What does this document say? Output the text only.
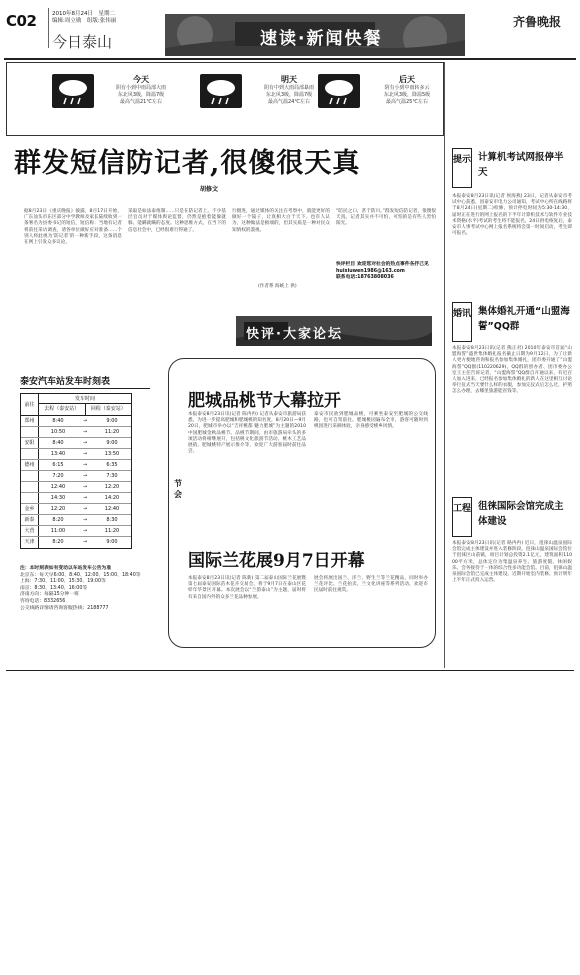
C02	2010年8月24日　星期二
编辑:周立勋　组版:张伟丽
今日泰山	速读·新闻快餐
齐鲁晚报
今天
阴有小到中雨局部大雨
东北风3级，降温7级
最高气温21℃左右
明天
阴有中到大雨局部暴雨
东北风3级，降温7级
最高气温24℃左右
后天
阴有小到中雨转多云
东北风3级，降温5级
最高气温25℃左右
群发短信防记者,很傻很天真
胡修文
据8月23日《重庆晚报》披露，8月17日开始，广东汕头市东区部分中学教师及家长陆续收到一条署名为县委书记的短信，短信称：当地有记者将前往采访调查，请各单位做好应对准备……个别人将此视为‘防记者’的一种新手段。这条消息在网上引发众多议论。
采取是如法泰炮制……只是在防记者上。不少基层官员对于媒体舆论监督，仍然是抱着能躲就躲、能瞒就瞒的态度。这种思维方式，在当下的信息社会中，已经很难行得通了。
行摄进，通过媒体的关注在考察中，就能更好的做好一个镜子，让真相大白于天下。也有人认为，这种做法是极端的，但其实质是一种对民众知情权的漠视。
“防民之口，甚于防川。”群发短信防记者，很傻很天真。记者其实并不可怕，可怕的是有些人害怕阳光。
快评栏目 欢迎您对社会的热点事件各抒己见
huixiuwen1986@163.com
联系电话:18763808036
(作者系 海峡上 供)
快评·大家论坛
泰安汽车站发车时刻表
前往
发车时间
去程（泰安站）	回程（泰安站）
郑州	8:40	→	9:00
10:50	→	11:20
安阳	8:40	→	9:00
13:40	→	13:50
德州	6:15	→	6:35
7:20	→	7:30
12:40	→	12:20
14:30	→	14:20
金乡	12:20	→	12:40
新泰	8:20	→	8:30
大营	11:00	→	11:20
天津	8:20	→	9:00
注：本时刻表如有变动以车站发车公告为准
北京东：每天早6:00、8:40、12:00、15:00、18:40等
上海：7:30、11:00、15:30、19:00等
南京：8:30、13:40、16:00等
济南方向：每隔15分钟一班
咨询电话：8332656
公交线路详情请咨询客服热线：2188777
节会
肥城品桃节大幕拉开
本报泰安8月23日讯(记者 陈冉冉) 记者从泰安市旅游局获悉，为进一步提高肥城和肥城桃的知名度，8月20日—9月20日，肥城市举办以“吉祥桃都 魅力肥城”为主题的2010中国肥城金秋品桃节。品桃节期间，由市旅游局牵头的多项活动将相继展开，包括桃文化旅游节活动、桃木工艺品展销、肥城桃特产展示推介等，欢迎广大游客届时前往品尝。
泰安市民欲到肥城品桃，可乘坐泰安至肥城的公交线路，也可自驾前往。肥城桃园遍布全市，游客可随时到桃园进行采摘体验，亲身感受桃乡风情。
国际兰花展9月7日开幕
本报泰安8月23日讯(记者 陈新) 第二届泰山国际兰花展暨第七届泰安国际苗木花卉交易会，将于9月7日在泰山区花样年华景区开幕。本次展会以“兰韵泰山”为主题，届时将有来自国内外的众多兰花品种参展。
展会将展出国兰、洋兰、野生兰等兰花精品，同时举办兰花评比、兰花拍卖、兰文化讲座等系列活动，欢迎市民届时前往观赏。
提示 计算机考试网报停半天
本报泰安8月23日讯(记者 侯海燕) 23日，记者从泰安市考试中心获悉，因泰安市电力公司通知，考试中心所在线路将于8月24日(星期二)检修，预计停电时间为5:30-14:30，届时正在进行的网上报名的下半年计算机技术与软件专业技术资格(水平)考试的考生将不能报名，24日供电恢复后，泰安市人事考试中心网上报名系统将会第一时间启动，考生即可报名。
婚讯 集体婚礼开通“山盟海誓”QQ群
本报泰安8月23日讯(记者 熊正君) 2010年泰安市首届“山盟海誓”盛世集体婚礼报名截止日期为9月12日，为了让新人更方便地咨询和报名参加集体婚礼，团市委开通了“山盟海誓”QQ群(110220629)。QQ群的创办者、团市委办公室王主任告诉记者，“山盟海誓”QQ群自开通以来，有近百人加入进来，已经报名参加集体婚礼的新人在这里相互讨论举行仪式当天要什么样的衣服，参加完仪式后怎么过，护照怎么办理，去哪里旅游能省钱等。
工程 徂徕国际会馆完成主体建设
本报泰安8月23日讯(记者 路冉冉) 近日，徂徕山温泉国际会馆完成主体建设并进入装修阶段。徂徕山温泉国际会馆位于徂徕区山前镇，项目计划总投资2.1亿元，建筑面积11000平方米，总体定位为集温泉养生、旅游度假、休闲娱乐、会务接待于一体的综合性多功能会馆。目前，徂徕山温泉国际会馆已完成主体建设，近期开始室内装修。预计明年上半年正式投入运营。
